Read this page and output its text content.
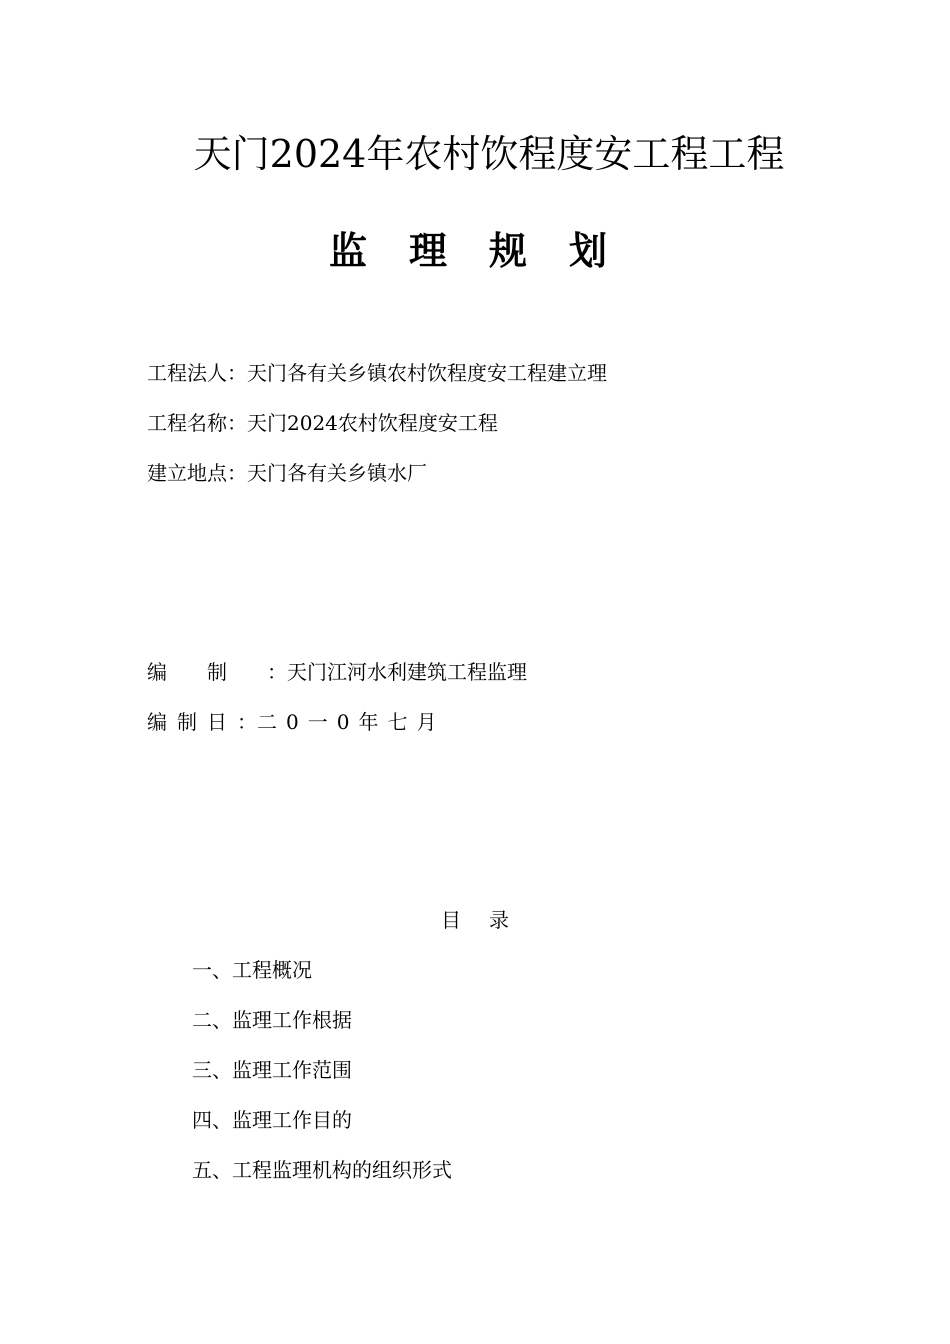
天门2024年农村饮程度安工程工程
监理规划
工程法人：天门各有关乡镇农村饮程度安工程建立理
工程名称：天门2024农村饮程度安工程
建立地点：天门各有关乡镇水厂
编制：天门江河水利建筑工程监理
编制日：二0一0年七月
目录
一、工程概况
二、监理工作根据
三、监理工作范围
四、监理工作目的
五、工程监理机构的组织形式
